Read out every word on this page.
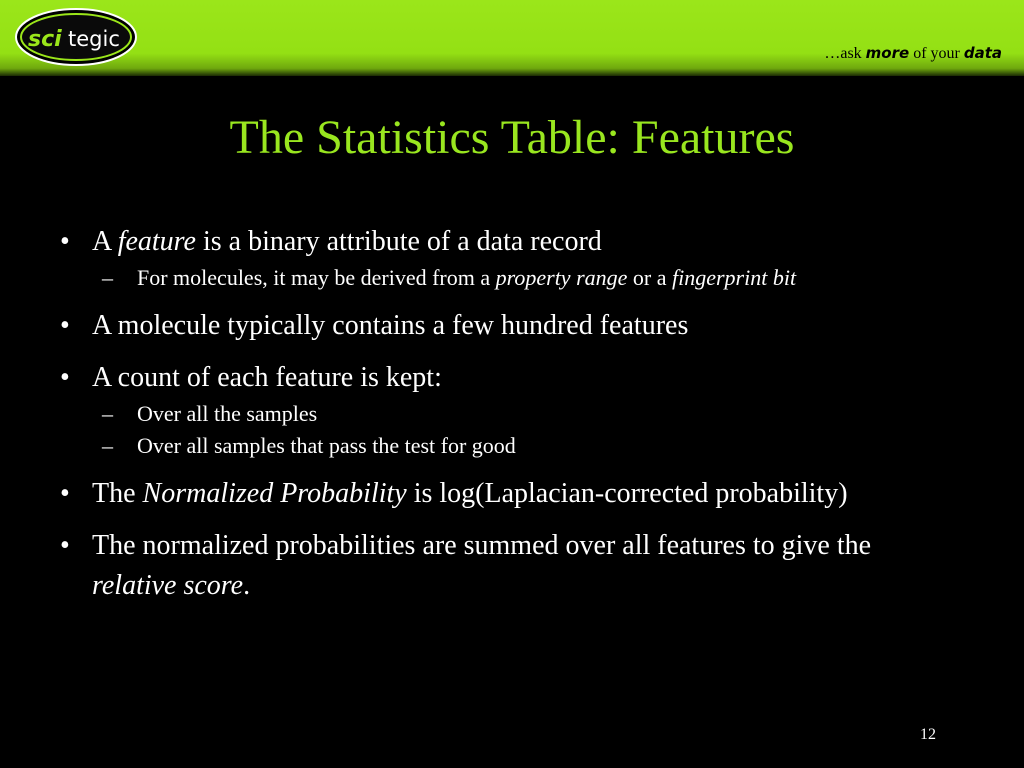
sci tegic
…ask more of your data
The Statistics Table: Features
• A feature is a binary attribute of a data record
– For molecules, it may be derived from a property range or a fingerprint bit
• A molecule typically contains a few hundred features
• A count of each feature is kept:
– Over all the samples
– Over all samples that pass the test for good
• The Normalized Probability is log(Laplacian-corrected probability)
• The normalized probabilities are summed over all features to give the relative score.
12
